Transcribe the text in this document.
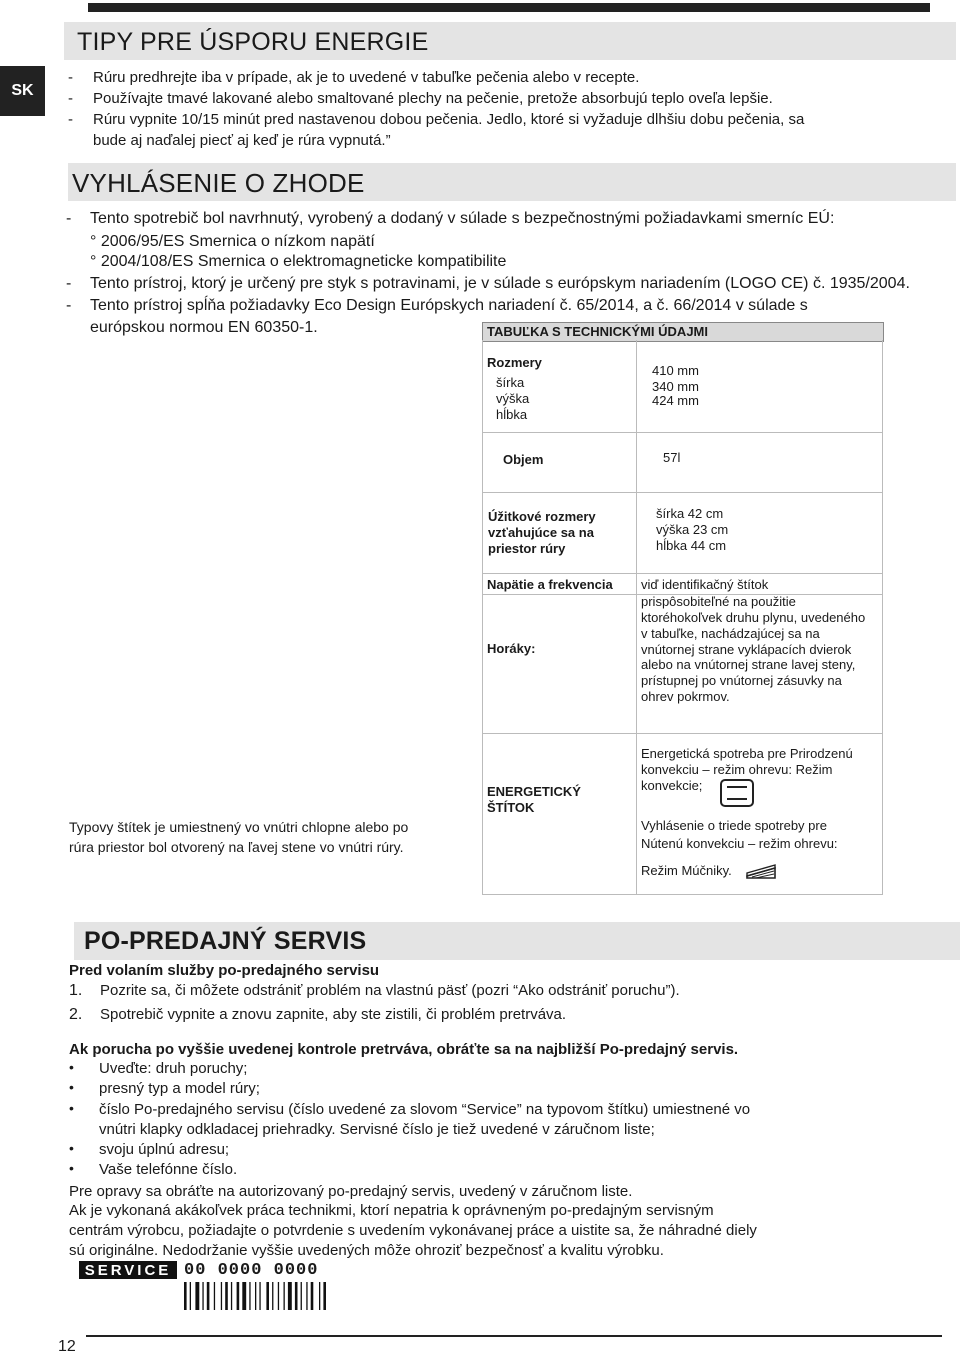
SK
TIPY PRE ÚSPORU ENERGIE
- Rúru predhrejte iba v prípade, ak je to uvedené v tabuľke pečenia alebo v recepte.
- Používajte tmavé lakované alebo smaltované plechy na pečenie, pretože absorbujú teplo oveľa lepšie.
- Rúru vypnite 10/15 minút pred nastavenou dobou pečenia. Jedlo, ktoré si vyžaduje dlhšiu dobu pečenia, sa
bude aj naďalej piecť aj keď je rúra vypnutá.”
VYHLÁSENIE O ZHODE
- Tento spotrebič bol navrhnutý, vyrobený a dodaný v súlade s bezpečnostnými požiadavkami smerníc EÚ:
° 2006/95/ES Smernica o nízkom napätí
° 2004/108/ES Smernica o elektromagneticke kompatibilite
- Tento prístroj, ktorý je určený pre styk s potravinami, je v súlade s európskym nariadením (LOGO CE) č. 1935/2004.
- Tento prístroj spĺňa požiadavky Eco Design Európskych nariadení č. 65/2014, a č. 66/2014 v súlade s
európskou normou EN 60350-1.	TABUĽKA S TECHNICKÝMI ÚDAJMI
Rozmery
šírka
výška
hĺbka
410 mm
340 mm
424 mm
Objem	57l
Úžitkové rozmery
vzťahujúce sa na
priestor rúry
šírka 42 cm
výška 23 cm
hĺbka 44 cm
Napätie a frekvencia viď identifikačný štítok
Horáky:
prispôsobiteľné na použitie
ktoréhokoľvek druhu plynu, uvedeného
v tabuľke, nachádzajúcej sa na
vnútornej strane vyklápacích dvierok
alebo na vnútornej strane lavej steny,
prístupnej po vnútornej zásuvky na
ohrev pokrmov.
ENERGETICKÝ
ŠTÍTOK
Energetická spotreba pre Prirodzenú
konvekciu – režim ohrevu: Režim
konvekcie;
Vyhlásenie o triede spotreby pre
Nútenú konvekciu – režim ohrevu:
Režim Múčniky.
Typovy štítek je umiestnený vo vnútri chlopne alebo po
rúra priestor bol otvorený na ľavej stene vo vnútri rúry.
PO-PREDAJNÝ SERVIS
Pred volaním služby po-predajného servisu
1. Pozrite sa, či môžete odstrániť problém na vlastnú päsť (pozri “Ako odstrániť poruchu”).
2. Spotrebič vypnite a znovu zapnite, aby ste zistili, či problém pretrváva.
Ak porucha po vyššie uvedenej kontrole pretrváva, obráťte sa na najbližší Po-predajný servis.
• Uveďte: druh poruchy;
• presný typ a model rúry;
• číslo Po-predajného servisu (číslo uvedené za slovom “Service” na typovom štítku) umiestnené vo
vnútri klapky odkladacej priehradky. Servisné číslo je tiež uvedené v záručnom liste;
• svoju úplnú adresu;
• Vaše telefónne číslo.
Pre opravy sa obráťte na autorizovaný po-predajný servis, uvedený v záručnom liste.
Ak je vykonaná akákoľvek práca technikmi, ktorí nepatria k oprávneným po-predajným servisným
centrám výrobcu, požiadajte o potvrdenie s uvedením vykonávanej práce a uistite sa, že náhradné diely
sú originálne. Nedodržanie vyššie uvedených môže ohroziť bezpečnosť a kvalitu výrobku.
SERVICE 00 0000 0000
12
